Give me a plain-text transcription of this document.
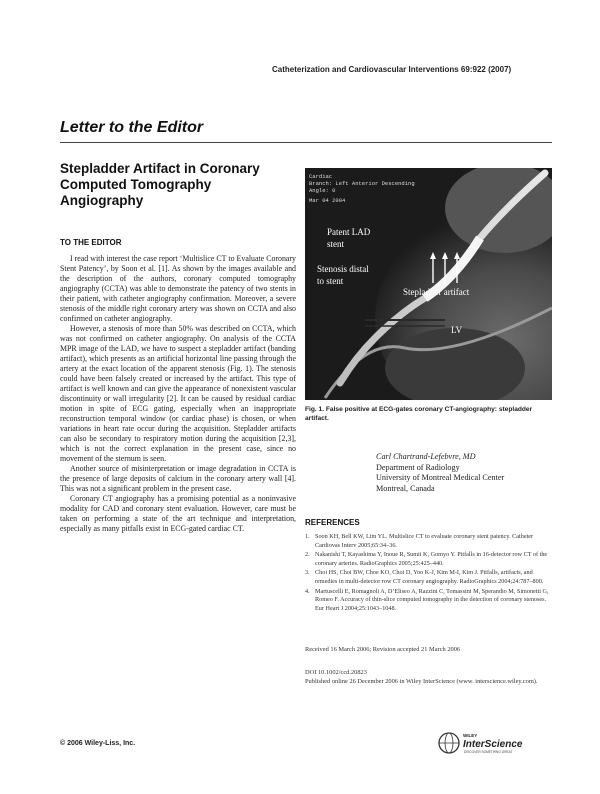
Catheterization and Cardiovascular Interventions 69:922 (2007)
Letter to the Editor
Stepladder Artifact in Coronary Computed Tomography Angiography
TO THE EDITOR

I read with interest the case report ‘Multislice CT to Evaluate Coronary Stent Patency’, by Soon et al. [1]. As shown by the images available and the description of the authors, coronary computed tomography angiography (CCTA) was able to demonstrate the patency of two stents in their patient, with catheter angiography confirmation. Moreover, a severe stenosis of the middle right coronary artery was shown on CCTA and also confirmed on catheter angiography.

However, a stenosis of more than 50% was described on CCTA, which was not confirmed on catheter angiography. On analysis of the CCTA MPR image of the LAD, we have to suspect a stepladder artifact (banding artifact), which presents as an artificial horizontal line passing through the artery at the exact location of the apparent stenosis (Fig. 1). The stenosis could have been falsely created or increased by the artifact. This type of artifact is well known and can give the appearance of nonexistent vascular discontinuity or wall irregularity [2]. It can be caused by residual cardiac motion in spite of ECG gating, especially when an inappropriate reconstruction temporal window (or cardiac phase) is chosen, or when variations in heart rate occur during the acquisition. Stepladder artifacts can also be secondary to respiratory motion during the acquisition [2,3], which is not the correct explanation in the present case, since no movement of the sternum is seen.

Another source of misinterpretation or image degradation in CCTA is the presence of large deposits of calcium in the coronary artery wall [4]. This was not a significant problem in the present case.

Coronary CT angiography has a promising potential as a noninvasive modality for CAD and coronary stent evaluation. However, care must be taken on performing a state of the art technique and interpretation, especially as many pitfalls exist in ECG-gated cardiac CT.

Cardiac
Branch: Left Anterior Descending
Angle: 0
Mar 04 2004
Patent LAD
stent
Stenosis distal
to stent
Stepladder artifact
LV
Fig. 1. False positive at ECG-gates coronary CT-angiography: stepladder artifact.
Carl Chartrand-Lefebvre, MD
Department of Radiology
University of Montreal Medical Center
Montreal, Canada
REFERENCES
1. Soon KH, Bell KW, Lim YL. Multislice CT to evaluate coronary stent patency. Catheter Cardiovas Interv 2005;65:34–36.
2. Nakanishi T, Kayashima Y, Inoue R, Sumii K, Gomyo Y. Pitfalls in 16-detector row CT of the coronary arteries. RadioGraphics 2005;25:425–440.
3. Choi HS, Choi BW, Choe KO, Choi D, Yoo K-J, Kim M-I, Kim J. Pitfalls, artifacts, and remedies in multi-detector row CT coronary angiography. RadioGraphics 2004;24:787–800.
4. Martuscelli E, Romagnoli A, D’Eliseo A, Razzini C, Tomassini M, Sperandio M, Simonetti G, Romeo F. Accuracy of thin-slice computed tomography in the detection of coronary stenoses. Eur Heart J 2004;25:1043–1048.
Received 16 March 2006; Revision accepted 21 March 2006
DOI 10.1002/ccd.20823
Published online 26 December 2006 in Wiley InterScience (www. interscience.wiley.com).
© 2006 Wiley-Liss, Inc.
WILEY
InterScience
DISCOVER SOMETHING GREAT
